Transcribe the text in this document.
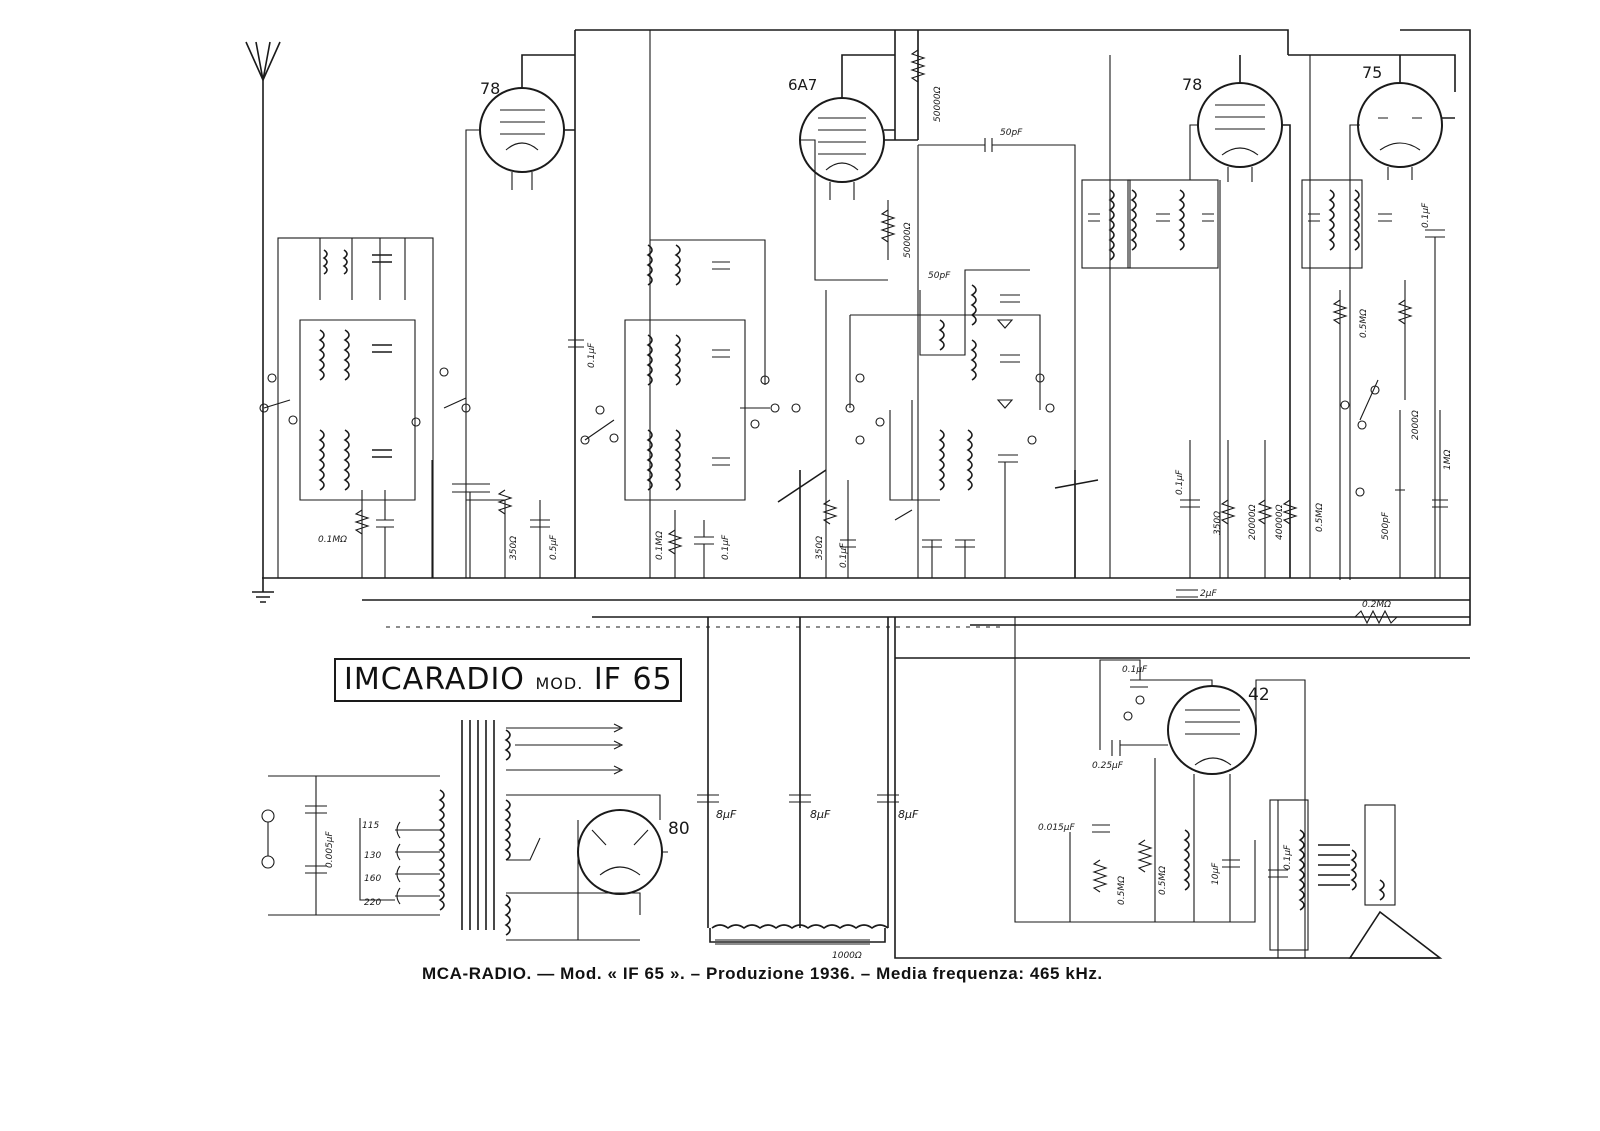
78	6A7	78
75
42
80
0.1MΩ	350Ω	0.5μF
0.1μF
50000Ω
50000Ω
50pF
50pF
0.1MΩ	0.1μF	350Ω 0.1μF
0.1μF
350Ω	20000Ω 40000Ω
2μF
0.5MΩ
0.1μF
0.5MΩ
2000Ω
500pF
1MΩ
0.2MΩ
0.1μF
0.25μF
0.015μF
0.5MΩ	0.5MΩ	10μF
0.1μF
8μF	8μF	8μF
1000Ω
0.005μF
115
130
160
220
IMCARADIO MOD. IF 65
MCA-RADIO. — Mod. « IF 65 ». – Produzione 1936. – Media frequenza: 465 kHz.
